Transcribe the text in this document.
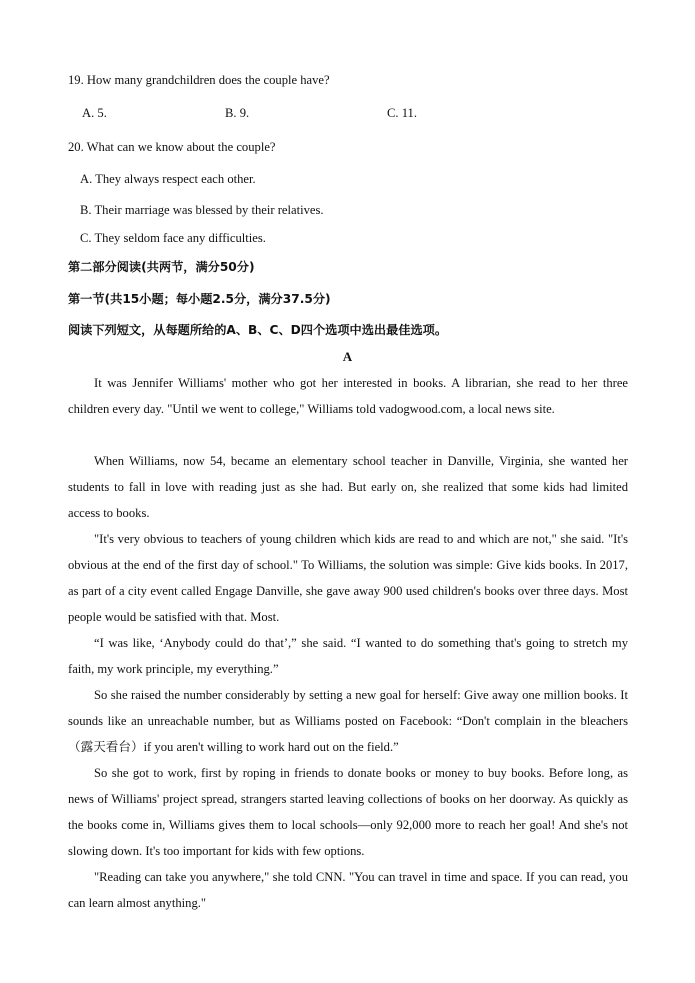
19. How many grandchildren does the couple have?
A. 5.	B. 9.	C. 11.
20. What can we know about the couple?
A. They always respect each other.
B. Their marriage was blessed by their relatives.
C. They seldom face any difficulties.
第二部分阅读(共两节，满分50分)
第一节(共15小题；每小题2.5分，满分37.5分)
阅读下列短文，从每题所给的A、B、C、D四个选项中选出最佳选项。
A
It was Jennifer Williams' mother who got her interested in books. A librarian, she read to her three children every day. "Until we went to college," Williams told vadogwood.com, a local news site.
When Williams, now 54, became an elementary school teacher in Danville, Virginia, she wanted her students to fall in love with reading just as she had. But early on, she realized that some kids had limited access to books.
"It's very obvious to teachers of young children which kids are read to and which are not," she said. "It's obvious at the end of the first day of school." To Williams, the solution was simple: Give kids books. In 2017, as part of a city event called Engage Danville, she gave away 900 used children's books over three days. Most people would be satisfied with that. Most.
“I was like, ‘Anybody could do that’,” she said. “I wanted to do something that's going to stretch my faith, my work principle, my everything.”
So she raised the number considerably by setting a new goal for herself: Give away one million books. It sounds like an unreachable number, but as Williams posted on Facebook: “Don't complain in the bleachers（露天看台）if you aren't willing to work hard out on the field.”
So she got to work, first by roping in friends to donate books or money to buy books. Before long, as news of Williams' project spread, strangers started leaving collections of books on her doorway. As quickly as the books come in, Williams gives them to local schools—only 92,000 more to reach her goal! And she's not slowing down. It's too important for kids with few options.
"Reading can take you anywhere," she told CNN. "You can travel in time and space. If you can read, you can learn almost anything."
